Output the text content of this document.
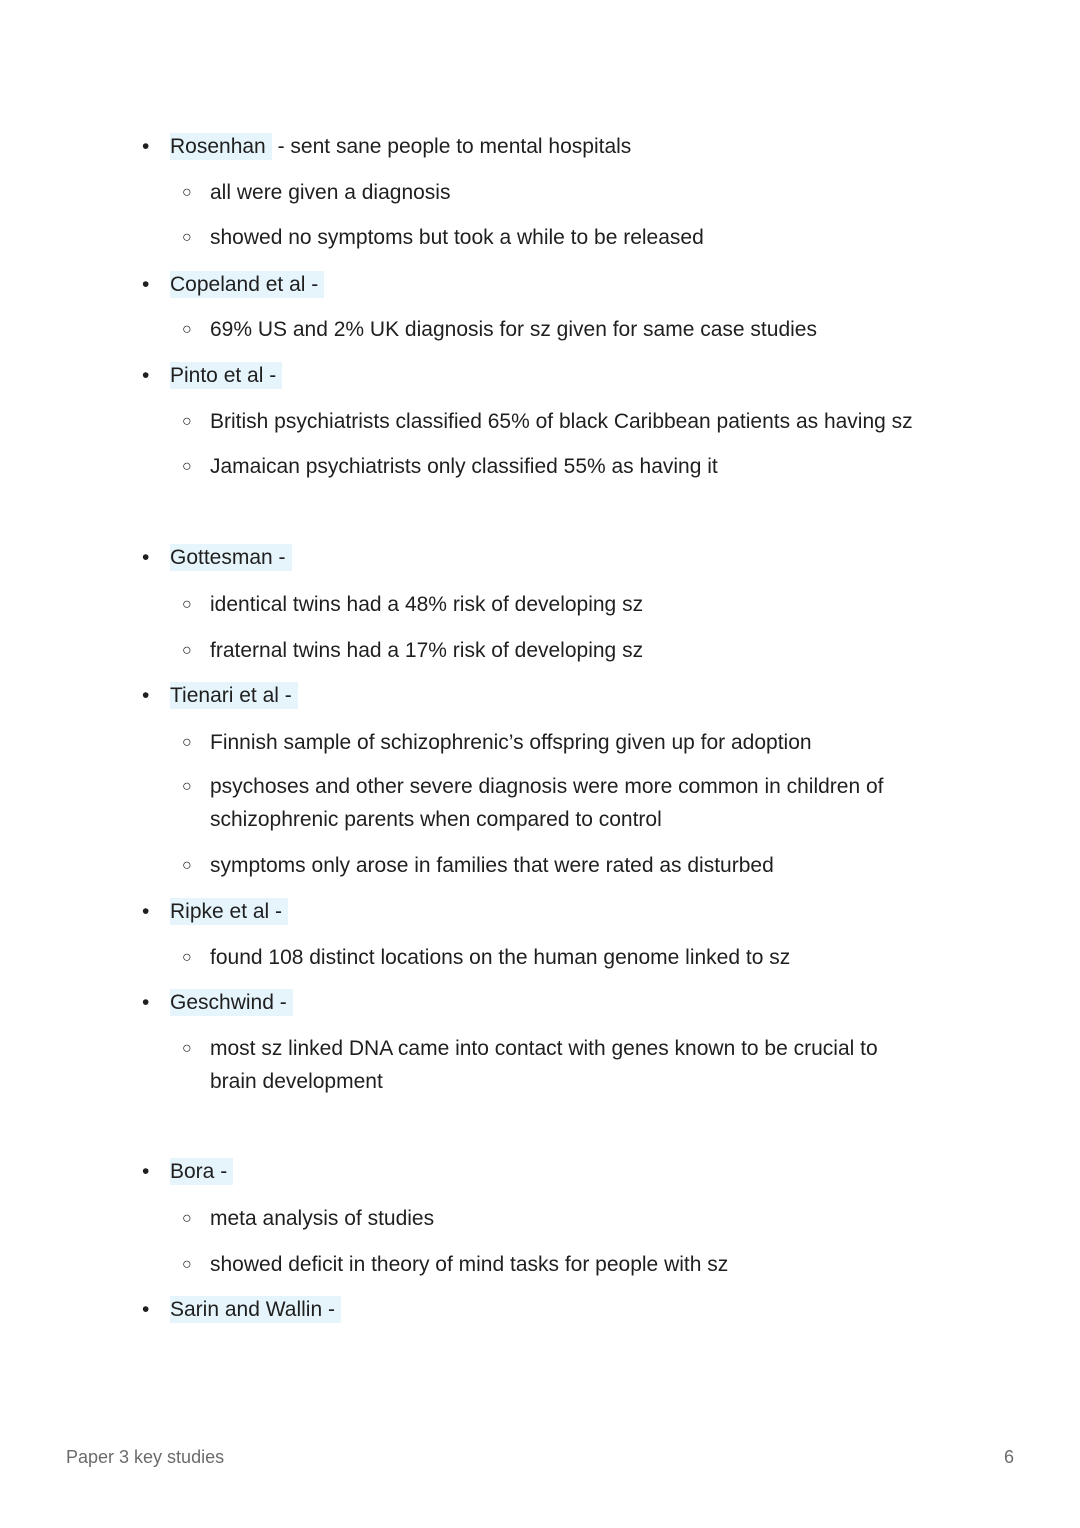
• Rosenhan - sent sane people to mental hospitals
○ all were given a diagnosis
○ showed no symptoms but took a while to be released
• Copeland et al -
○ 69% US and 2% UK diagnosis for sz given for same case studies
• Pinto et al -
○ British psychiatrists classified 65% of black Caribbean patients as having sz
○ Jamaican psychiatrists only classified 55% as having it
• Gottesman -
○ identical twins had a 48% risk of developing sz
○ fraternal twins had a 17% risk of developing sz
• Tienari et al -
○ Finnish sample of schizophrenic’s offspring given up for adoption
○ psychoses and other severe diagnosis were more common in children of schizophrenic parents when compared to control
○ symptoms only arose in families that were rated as disturbed
• Ripke et al -
○ found 108 distinct locations on the human genome linked to sz
• Geschwind -
○ most sz linked DNA came into contact with genes known to be crucial to brain development
• Bora -
○ meta analysis of studies
○ showed deficit in theory of mind tasks for people with sz
• Sarin and Wallin -
Paper 3 key studies	6
